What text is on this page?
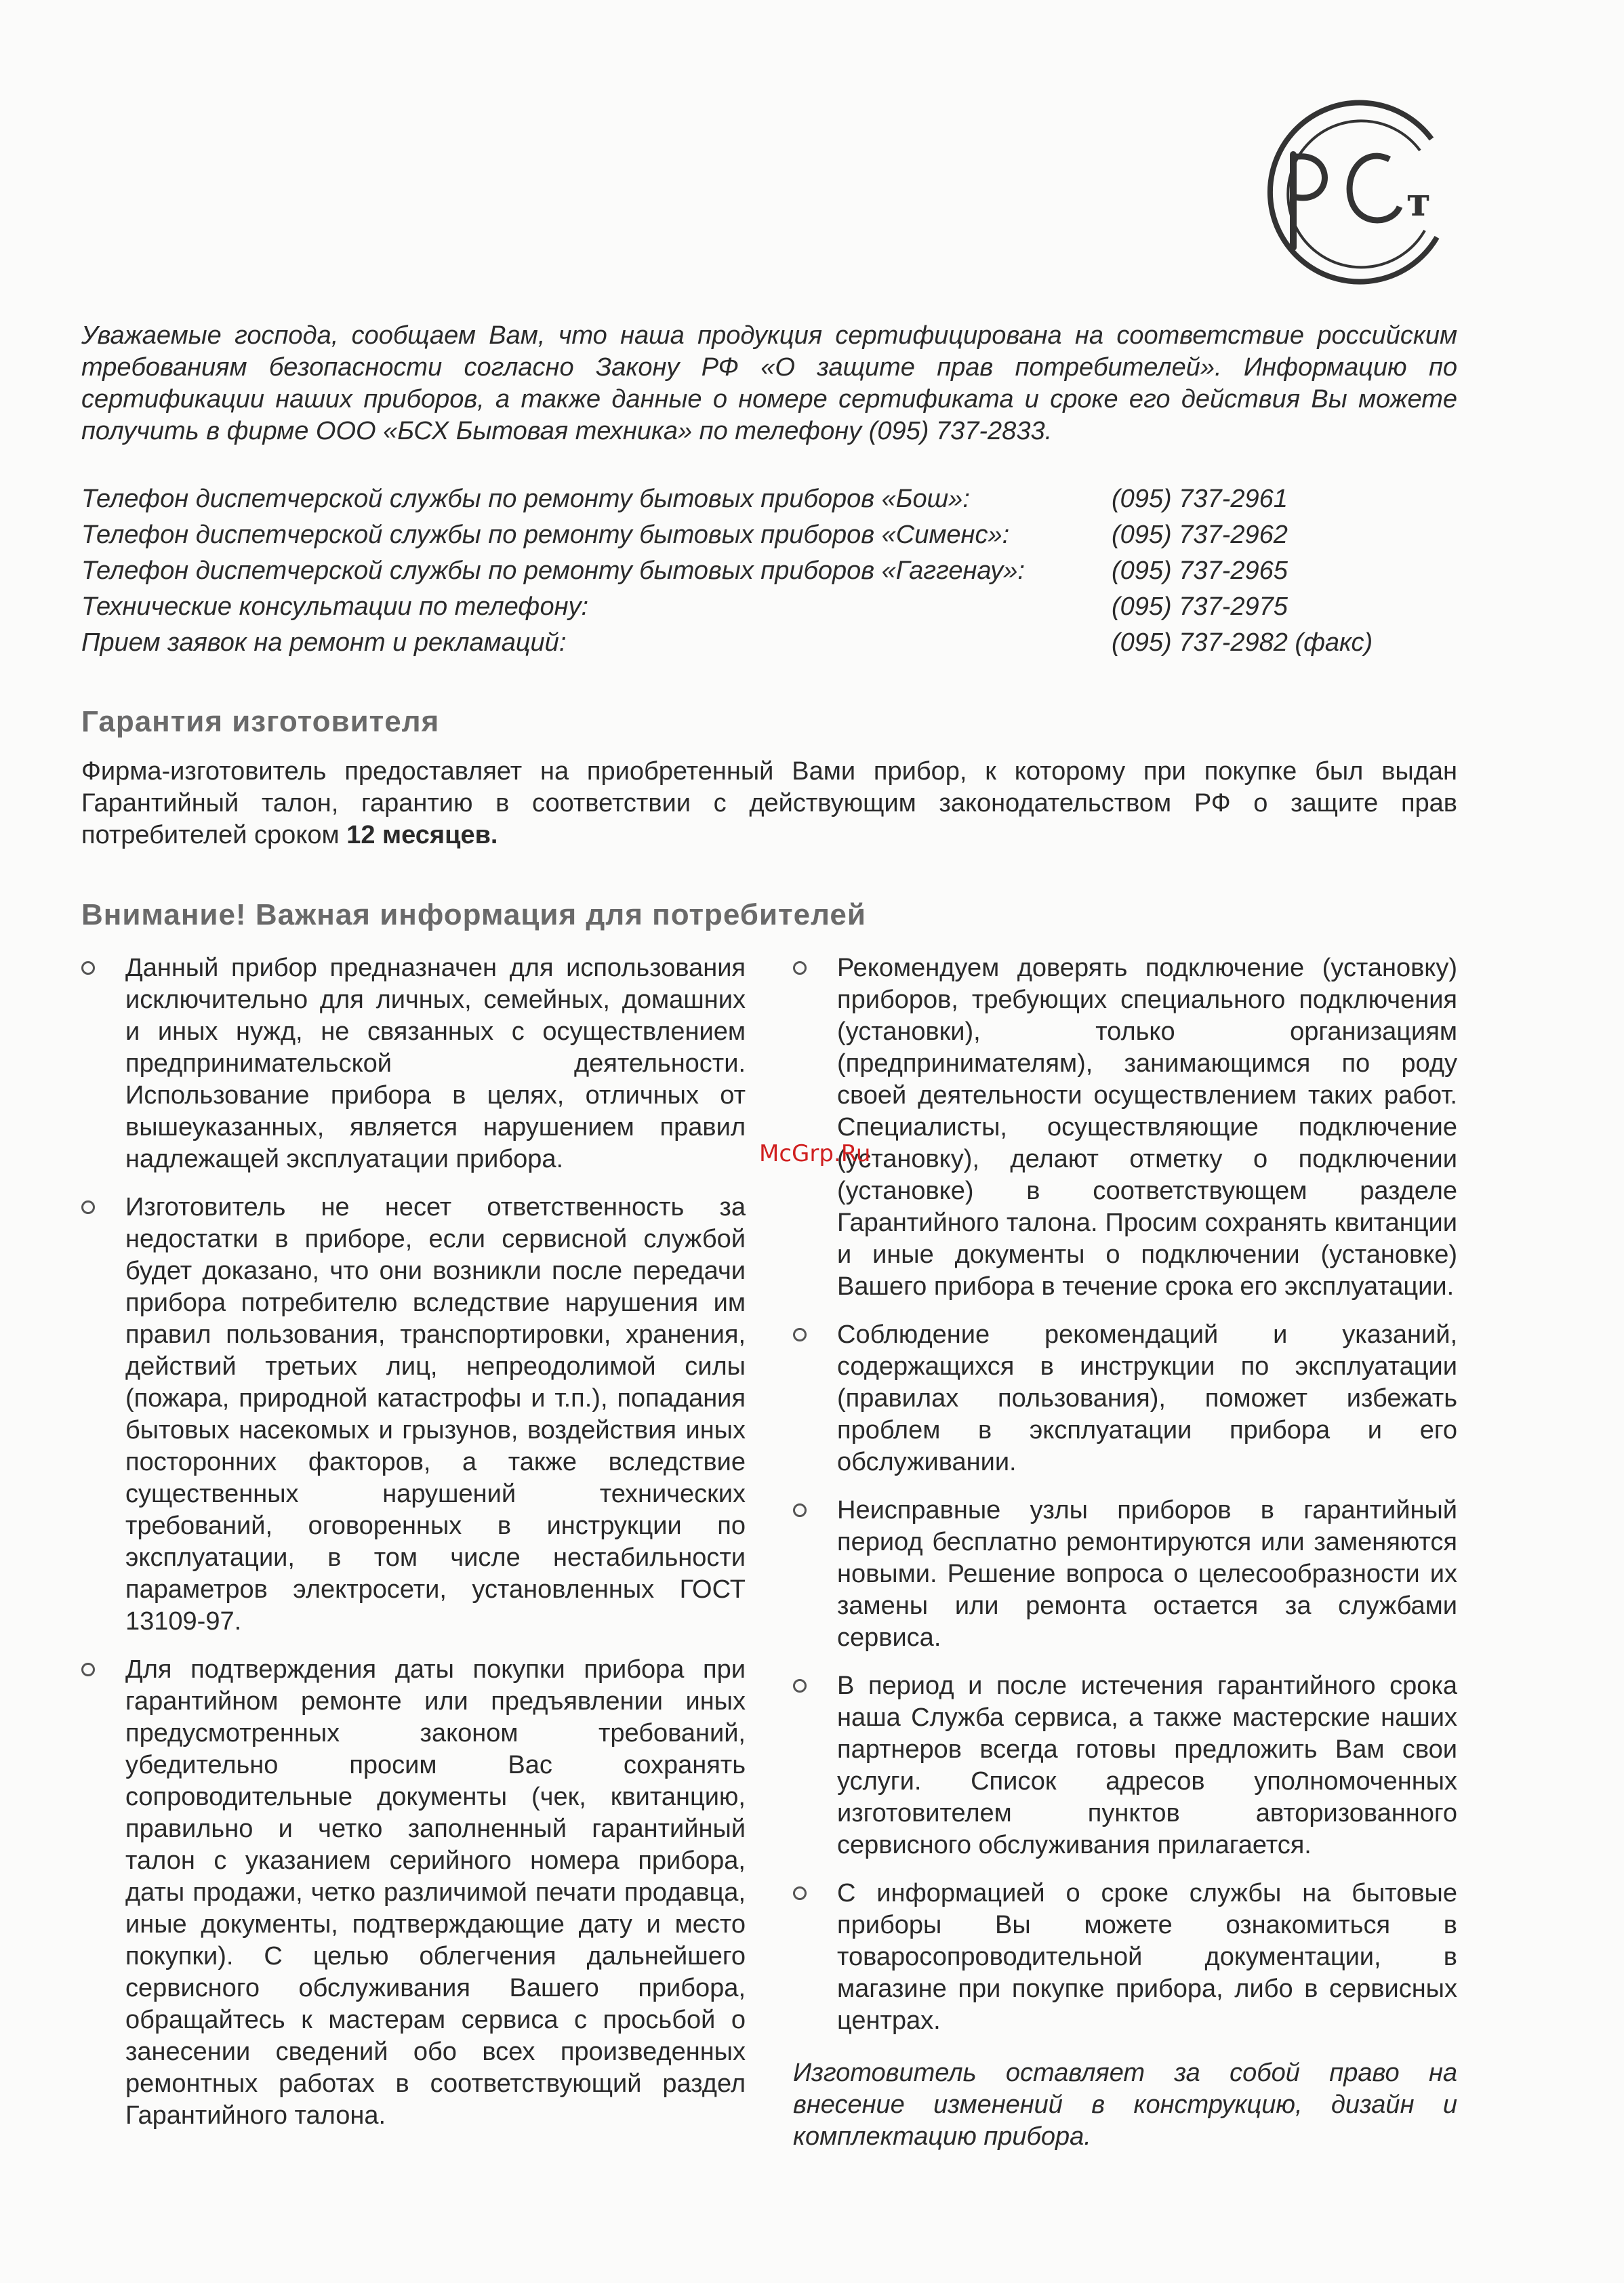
т

Уважаемые господа, сообщаем Вам, что наша продукция сертифицирована на соответствие российским требованиям безопасности согласно Закону РФ «О защите прав потребителей». Информацию по сертификации наших приборов, а также данные о номере сертификата и сроке его действия Вы можете получить в фирме ООО «БСХ Бытовая техника» по телефону (095) 737-2833.

Телефон диспетчерской службы по ремонту бытовых приборов «Бош»:	(095) 737-2961
Телефон диспетчерской службы по ремонту бытовых приборов «Сименс»:	(095) 737-2962
Телефон диспетчерской службы по ремонту бытовых приборов «Гаггенау»:	(095) 737-2965
Технические консультации по телефону:	(095) 737-2975
Прием заявок на ремонт и рекламаций:	(095) 737-2982 (факс)
Гарантия изготовителя

Фирма-изготовитель предоставляет на приобретенный Вами прибор, к которому при покупке был выдан Гарантийный талон, гарантию в соответствии с действующим законодательством РФ о защите прав потребителей сроком 12 месяцев.

Внимание! Важная информация для потребителей

Данный прибор предназначен для использования исключительно для личных, семейных, домашних и иных нужд, не связанных с осуществлением предпринимательской деятельности. Использование прибора в целях, отличных от вышеуказанных, является нарушением правил надлежащей эксплуатации прибора.

Изготовитель не несет ответственность за недостатки в приборе, если сервисной службой будет доказано, что они возникли после передачи прибора потребителю вследствие нарушения им правил пользования, транспортировки, хранения, действий третьих лиц, непреодолимой силы (пожара, природной катастрофы и т.п.), попадания бытовых насекомых и грызунов, воздействия иных посторонних факторов, а также вследствие существенных нарушений технических требований, оговоренных в инструкции по эксплуатации, в том числе нестабильности параметров электросети, установленных ГОСТ 13109-97.

Для подтверждения даты покупки прибора при гарантийном ремонте или предъявлении иных предусмотренных законом требований, убедительно просим Вас сохранять сопроводительные документы (чек, квитанцию, правильно и четко заполненный гарантийный талон с указанием серийного номера прибора, даты продажи, четко различимой печати продавца, иные документы, подтверждающие дату и место покупки). С целью облегчения дальнейшего сервисного обслуживания Вашего прибора, обращайтесь к мастерам сервиса с просьбой о занесении сведений обо всех произведенных ремонтных работах в соответствующий раздел Гарантийного талона.

Рекомендуем доверять подключение (установку) приборов, требующих специального подключения (установки), только организациям (предпринимателям), занимающимся по роду своей деятельности осуществлением таких работ. Специалисты, осуществляющие подключение (установку), делают отметку о подключении (установке) в соответствующем разделе Гарантийного талона. Просим сохранять квитанции и иные документы о подключении (установке) Вашего прибора в течение срока его эксплуатации.

Соблюдение рекомендаций и указаний, содержащихся в инструкции по эксплуатации (правилах пользования), поможет избежать проблем в эксплуатации прибора и его обслуживании.

Неисправные узлы приборов в гарантийный период бесплатно ремонтируются или заменяются новыми. Решение вопроса о целесообразности их замены или ремонта остается за службами сервиса.

В период и после истечения гарантийного срока наша Служба сервиса, а также мастерские наших партнеров всегда готовы предложить Вам свои услуги. Список адресов уполномоченных изготовителем пунктов авторизованного сервисного обслуживания прилагается.

С информацией о сроке службы на бытовые приборы Вы можете ознакомиться в товаросопроводительной документации, в магазине при покупке прибора, либо в сервисных центрах.

Изготовитель оставляет за собой право на внесение изменений в конструкцию, дизайн и комплектацию прибора.

McGrp.Ru
